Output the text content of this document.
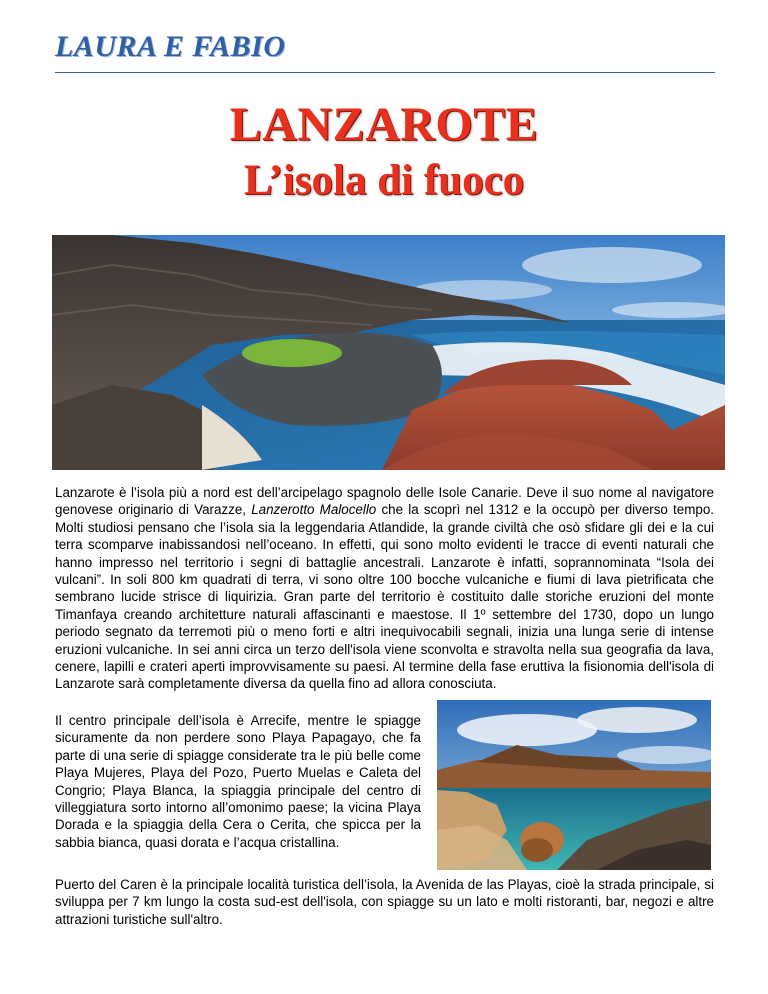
LAURA E FABIO
LANZAROTE
L’isola di fuoco
Lanzarote è l’isola più a nord est dell’arcipelago spagnolo delle Isole Canarie. Deve il suo nome al navigatore genovese originario di Varazze, Lanzerotto Malocello che la scoprì nel 1312 e la occupò per diverso tempo. Molti studiosi pensano che l’isola sia la leggendaria Atlandide, la grande civiltà che osò sfidare gli dei e la cui terra scomparve inabissandosi nell’oceano. In effetti, qui sono molto evidenti le tracce di eventi naturali che hanno impresso nel territorio i segni di battaglie ancestrali. Lanzarote è infatti, soprannominata “Isola dei vulcani”. In soli 800 km quadrati di terra, vi sono oltre 100 bocche vulcaniche e fiumi di lava pietrificata che sembrano lucide strisce di liquirizia. Gran parte del territorio è costituito dalle storiche eruzioni del monte Timanfaya creando architetture naturali affascinanti e maestose. Il 1º settembre del 1730, dopo un lungo periodo segnato da terremoti più o meno forti e altri inequivocabili segnali, inizia una lunga serie di intense eruzioni vulcaniche. In sei anni circa un terzo dell'isola viene sconvolta e stravolta nella sua geografia da lava, cenere, lapilli e crateri aperti improvvisamente su paesi. Al termine della fase eruttiva la fisionomia dell'isola di Lanzarote sarà completamente diversa da quella fino ad allora conosciuta.
Il centro principale dell’isola è Arrecife, mentre le spiagge sicuramente da non perdere sono Playa Papagayo, che fa parte di una serie di spiagge considerate tra le più belle come Playa Mujeres, Playa del Pozo, Puerto Muelas e Caleta del Congrio; Playa Blanca, la spiaggia principale del centro di villeggiatura sorto intorno all’omonimo paese; la vicina Playa Dorada e la spiaggia della Cera o Cerita, che spicca per la sabbia bianca, quasi dorata e l’acqua cristallina.
Puerto del Caren è la principale località turistica dell’isola, la Avenida de las Playas, cioè la strada principale, si sviluppa per 7 km lungo la costa sud-est dell'isola, con spiagge su un lato e molti ristoranti, bar, negozi e altre attrazioni turistiche sull'altro.
